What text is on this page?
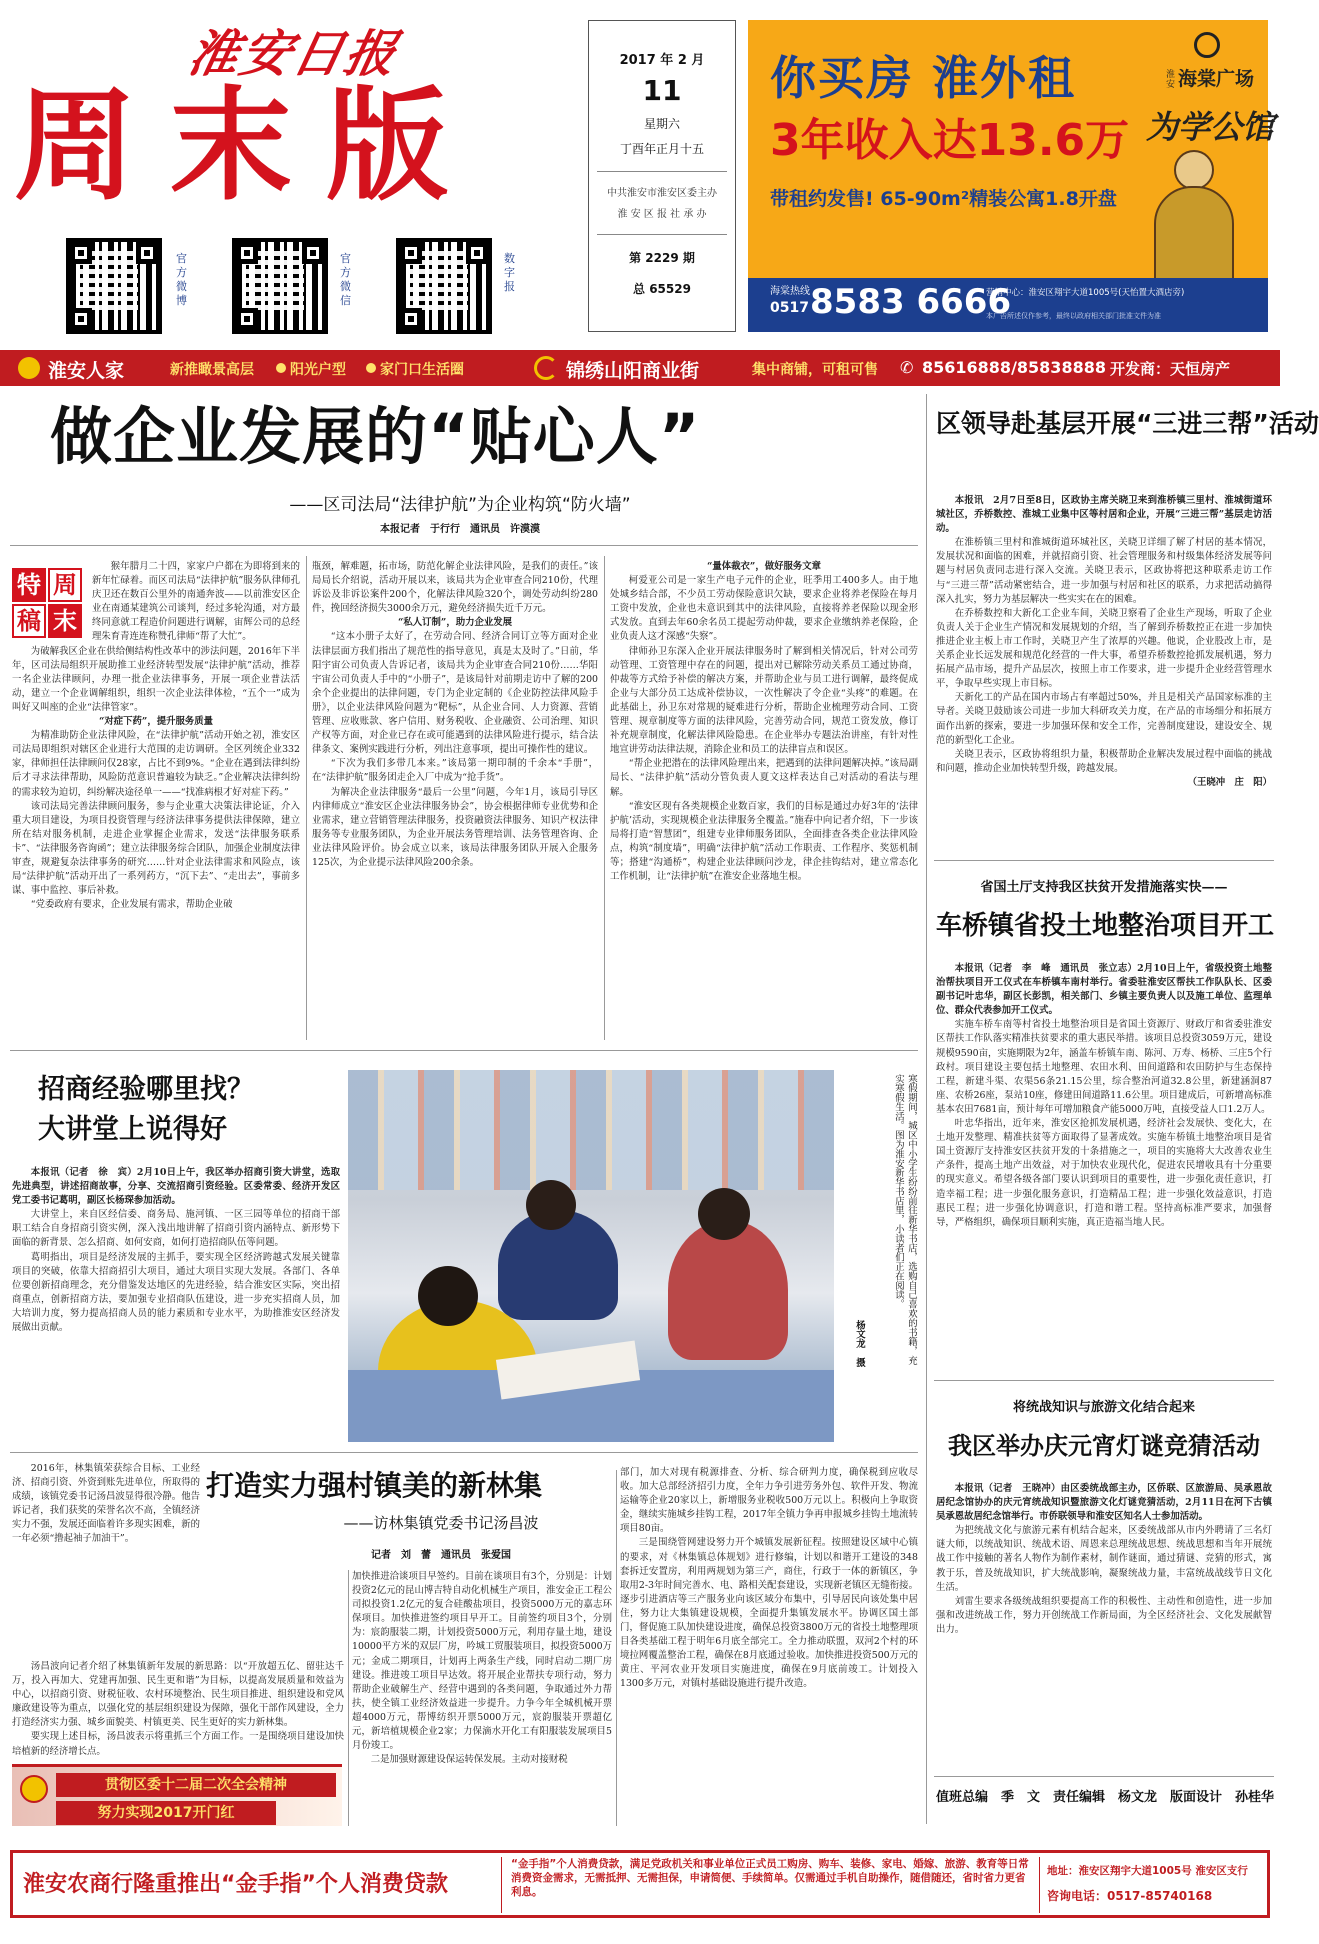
淮安日报
周末版
官方微博
官方微信
数字报
2017 年 2 月
11
星期六
丁酉年正月十五
中共淮安市淮安区委主办
淮 安 区 报 社 承 办
第 2229 期
总 65529
你买房 淮外租
3年收入达13.6万
淮安 海棠广场
为学公馆
带租约发售! 65-90m²精装公寓1.8开盘
海棠热线
0517 8583 6666
营销中心：淮安区翔宇大道1005号(天怡置大酒店旁)
本广告所述仅作参考，最终以政府相关部门批准文件为准
淮安人家	新推瞰景高层	阳光户型 家门口生活圈	锦绣山阳商业街	集中商铺，可租可售 ✆ 85616888/85838888 开发商：天恒房产
做企业发展的“贴心人”
——区司法局“法律护航”为企业构筑“防火墙”
本报记者　于行行　通讯员　许漠漠
周
特
末
稿

猴年腊月二十四，家家户户都在为即将到来的新年忙碌着。而区司法局“法律护航”服务队律师孔庆卫还在数百公里外的南通奔波——以前淮安区企业在南通某建筑公司谈判，经过多轮沟通，对方最终同意就工程造价问题进行调解，宙辉公司的总经理朱育青连连称赞孔律师“帮了大忙”。

为破解我区企业在供给侧结构性改革中的涉法问题，2016年下半年，区司法局组织开展助推工业经济转型发展“法律护航”活动，推荐一名企业法律顾问，办理一批企业法律事务，开展一项企业普法活动，建立一个企业调解组织，组织一次企业法律体检，“五个一”成为叫好又叫座的企业“法律管家”。

“对症下药”，提升服务质量

为精准助防企业法律风险，在“法律护航”活动开始之初，淮安区司法局即组织对辖区企业进行大范围的走访调研。全区列统企业332家，律师担任法律顾问仅28家，占比不到9%。“企业在遇到法律纠纷后才寻求法律帮助，风险防范意识普遍较为缺乏。”企业解决法律纠纷的需求较为迫切，纠纷解决途径单一——“找准病根才好对症下药。”

该司法局完善法律顾问服务，参与企业重大决策法律论证，介入重大项目建设，为项目投资管理与经济法律事务提供法律保障，建立所在结对服务机制，走进企业掌握企业需求，发送“法律服务联系卡”、“法律服务咨询函”；建立法律服务综合团队，加强企业制度法律审查，规避复杂法律事务的研究……针对企业法律需求和风险点，该局“法律护航”活动开出了一系列药方，“沉下去”、“走出去”，事前多谋、事中监控、事后补救。

“党委政府有要求，企业发展有需求，帮助企业破

瓶颈，解难题，拓市场，防范化解企业法律风险，是我们的责任。”该局局长介绍说，活动开展以来，该局共为企业审查合同210份，代理诉讼及非诉讼案件200个，化解法律风险320个，调处劳动纠纷280件，挽回经济损失3000余万元，避免经济损失近千万元。

“私人订制”，助力企业发展

“这本小册子太好了，在劳动合同、经济合同订立等方面对企业法律层面方我们指出了规范性的指导意见，真是太及时了。”日前，华阳宇宙公司负责人告诉记者，该局共为企业审查合同210份……华阳宇宙公司负责人手中的“小册子”，是该局针对前期走访中了解的200余个企业提出的法律问题，专门为企业定制的《企业防控法律风险手册》，以企业法律风险问题为“靶标”，从企业合同、人力资源、营销管理、应收账款、客户信用、财务税收、企业融资、公司治理、知识产权等方面，对企业已存在或可能遇到的法律风险进行提示，结合法律条文、案例实践进行分析，列出注意事项，提出可操作性的建议。

“下次为我们多带几本来。”该局第一期印制的千余本“手册”，在“法律护航”服务团走企入厂中成为“抢手货”。

为解决企业法律服务“最后一公里”问题，今年1月，该局引导区内律师成立“淮安区企业法律服务协会”，协会根据律师专业优势和企业需求，建立营销管理法律服务，投资融资法律服务、知识产权法律服务等专业服务团队，为企业开展法务管理培训、法务管理咨询、企业法律风险评价。协会成立以来，该局法律服务团队开展入企服务125次，为企业提示法律风险200余条。

“量体裁衣”，做好服务文章

柯爱亚公司是一家生产电子元件的企业，旺季用工400多人。由于地处城乡结合部，不少员工劳动保险意识欠缺，要求企业将养老保险在每月工资中发放，企业也未意识到其中的法律风险，直接将养老保险以现金形式发放。直到去年60余名员工提起劳动仲裁，要求企业缴纳养老保险，企业负责人这才深感“失察”。

律师孙卫东深入企业开展法律服务时了解到相关情况后，针对公司劳动管理、工资管理中存在的问题，提出对已解除劳动关系员工通过协商，仲裁等方式给予补偿的解决方案，并帮助企业与员工进行调解，最终促成企业与大部分员工达成补偿协议，一次性解决了令企业“头疼”的难题。在此基础上，孙卫东对常规的疑难进行分析，帮助企业梳理劳动合同、工资管理、规章制度等方面的法律风险，完善劳动合同，规范工资发放，修订补充规章制度，化解法律风险隐患。在企业举办专题法治讲座，有针对性地宣讲劳动法律法规，消除企业和员工的法律盲点和误区。

“帮企业把潜在的法律风险理出来，把遇到的法律问题解决掉。”该局副局长、“法律护航”活动分管负责人夏文这样表达自己对活动的看法与理解。

“淮安区现有各类规模企业数百家，我们的目标是通过办好3年的‘法律护航’活动，实现规模企业法律服务全覆盖。”施春中向记者介绍，下一步该局将打造“智慧团”，组建专业律师服务团队，全面排查各类企业法律风险点，构筑“制度墙”，明确“法律护航”活动工作职责、工作程序、奖惩机制等；搭建“沟通桥”，构建企业法律顾问沙龙，律企挂钩结对，建立常态化工作机制，让“法律护航”在淮安企业落地生根。

区领导赴基层开展“三进三帮”活动

本报讯　2月7日至8日，区政协主席关晓卫来到淮桥镇三里村、淮城街道环城社区，乔桥数控、淮城工业集中区等村居和企业，开展“三进三帮”基层走访活动。

在淮桥镇三里村和淮城街道环城社区，关晓卫详细了解了村居的基本情况，发展状况和面临的困难，并就招商引资、社会管理服务和村级集体经济发展等问题与村居负责同志进行深入交流。关晓卫表示，区政协将把这种联系走访工作与“三进三帮”活动紧密结合，进一步加强与村居和社区的联系，力求把活动搞得深入扎实，努力为基层解决一些实实在在的困难。

在乔桥数控和大新化工企业车间，关晓卫察看了企业生产现场，听取了企业负责人关于企业生产情况和发展规划的介绍，当了解到乔桥数控正在进一步加快推进企业主板上市工作时，关晓卫产生了浓厚的兴趣。他说，企业股改上市，是关系企业长远发展和规范化经营的一件大事，希望乔桥数控抢抓发展机遇，努力拓展产品市场，提升产品层次，按照上市工作要求，进一步提升企业经营管理水平，争取早些实现上市目标。

天新化工的产品在国内市场占有率超过50%，并且是相关产品国家标准的主导者。关晓卫鼓励该公司进一步加大科研攻关力度，在产品的市场细分和拓展方面作出新的探索，要进一步加强环保和安全工作，完善制度建设，建设安全、规范的新型化工企业。

关晓卫表示，区政协将组织力量，积极帮助企业解决发展过程中面临的挑战和问题，推动企业加快转型升级，跨越发展。

（王晓冲　庄　阳）

省国土厅支持我区扶贫开发措施落实快——
车桥镇省投土地整治项目开工

本报讯（记者　李　峰　通讯员　张立志）2月10日上午，省级投资土地整治帮扶项目开工仪式在车桥镇车南村举行。省委驻淮安区帮扶工作队队长、区委副书记叶忠华，副区长彭凯，相关部门、乡镇主要负责人以及施工单位、监理单位、群众代表参加开工仪式。

实施车桥车南等村省投土地整治项目是省国土资源厅、财政厅和省委驻淮安区帮扶工作队落实精准扶贫要求的重大惠民举措。该项目总投资3059万元，建设规模9590亩，实施期限为2年，涵盖车桥镇车南、陈河、万寿、杨桥、三庄5个行政村。项目建设主要包括土地整理、农田水利、田间道路和农田防护与生态保持工程，新建斗渠、农渠56条21.15公里，综合整治河道32.8公里，新建涵洞87座、农桥26座，泵站10座，修建田间道路11.6公里。项目建成后，可新增高标准基本农田7681亩，预计每年可增加粮食产能5000万吨，直接受益人口1.2万人。

叶忠华指出，近年来，淮安区抢抓发展机遇，经济社会发展快、变化大，在土地开发整理、精准扶贫等方面取得了显著成效。实施车桥镇土地整治项目是省国土资源厅支持淮安区扶贫开发的十条措施之一，项目的实施将大大改善农业生产条件，提高土地产出效益，对于加快农业现代化，促进农民增收具有十分重要的现实意义。希望各级各部门要认识到项目的重要性，进一步强化责任意识，打造幸福工程；进一步强化服务意识，打造精品工程；进一步强化效益意识，打造惠民工程；进一步强化协调意识，打造和谐工程。坚持高标准严要求，加强督导，严格组织，确保项目顺利实施，真正造福当地人民。

将统战知识与旅游文化结合起来
我区举办庆元宵灯谜竞猜活动

本报讯（记者　王晓冲）由区委统战部主办，区侨联、区旅游局、吴承恩故居纪念馆协办的庆元宵统战知识暨旅游文化灯谜竞猜活动，2月11日在河下古镇吴承恩故居纪念馆举行。市侨联领导和淮安区知名人士参加活动。

为把统战文化与旅游元素有机结合起来，区委统战部从市内外聘请了三名灯谜大师，以统战知识、统战术语、周恩来总理统战思想、统战思想和当年开展统战工作中接触的著名人物作为制作素材，制作谜面，通过猜谜、竞猜的形式，寓教于乐，普及统战知识，扩大统战影响，凝聚统战力量，丰富统战战线节日文化生活。

刘雷生要求各级统战组织要提高工作的积极性、主动性和创造性，进一步加强和改进统战工作，努力开创统战工作新局面，为全区经济社会、文化发展献智出力。

值班总编　季　文　责任编辑　杨文龙　版面设计　孙桂华
招商经验哪里找？
大讲堂上说得好

本报讯（记者　徐　宾）2月10日上午，我区举办招商引资大讲堂，选取先进典型，讲述招商故事，分享、交流招商引资经验。区委常委、经济开发区党工委书记葛明，副区长杨琛参加活动。

大讲堂上，来自区经信委、商务局、施河镇、一区三园等单位的招商干部职工结合自身招商引资实例，深入浅出地讲解了招商引资内涵特点、新形势下面临的新背景、怎么招商、如何安商，如何打造招商队伍等问题。

葛明指出，项目是经济发展的主抓手，要实现全区经济跨越式发展关键靠项目的突破，依靠大招商招引大项目，通过大项目实现大发展。各部门、各单位要创新招商理念，充分借鉴发达地区的先进经验，结合淮安区实际，突出招商重点，创新招商方法，要加强专业招商队伍建设，进一步充实招商人员，加大培训力度，努力提高招商人员的能力素质和专业水平，为助推淮安区经济发展做出贡献。	寒假期间，城区中小学生纷纷前往新华书店，选购自己喜欢的书籍，充实寒假生活。图为淮安新华书店里，小读者们正在阅读。
杨文龙　摄
打造实力强村镇美的新林集
——访林集镇党委书记汤昌波
记者　刘　蕾　通讯员　张爱国

2016年，林集镇荣获综合目标、工业经济、招商引资、外资到账先进单位，所取得的成绩，该镇党委书记汤昌波显得很冷静。他告诉记者，我们获奖的荣誉名次不高，全镇经济实力不强，发展还面临着许多现实困难，新的一年必须“撸起袖子加油干”。

汤昌波向记者介绍了林集镇新年发展的新思路：以“开放超五亿、留驻达千万，投入再加大、党建再加强、民生更和谐”为目标，以提高发展质量和效益为中心，以招商引资、财税征收、农村环境整治、民生项目推进、组织建设和党风廉政建设等为重点，以强化党的基层组织建设为保障，强化干部作风建设，全力打造经济实力强、城乡面貌美、村镇更美、民生更好的实力新林集。

要实现上述目标，汤昌波表示将重抓三个方面工作。一是围绕项目建设加快培植新的经济增长点。

加快推进洽谈项目早签约。目前在谈项目有3个，分别是：计划投资2亿元的昆山博吉特自动化机械生产项目，淮安金正工程公司拟投资1.2亿元的复合硅酸盐项目，投资5000万元的嘉志环保项目。加快推进签约项目早开工。目前签约项目3个，分别为：宸韵服装二期，计划投资5000万元，利用存量土地，建设10000平方米的双层厂房，吟城工贸服装项目，拟投资5000万元；金成二期项目，计划再上两条生产线，同时启动二期厂房建设。推进竣工项目早达效。将开展企业帮扶专项行动，努力帮助企业破解生产、经营中遇到的各类问题，争取通过外力帮扶，使全镇工业经济效益进一步提升。力争今年全城机械开票超4000万元，帮博纺织开票5000万元，宸韵服装开票超亿元，新培植规模企业2家；力保滴水开化工有阳服装发展项目5月份竣工。

二是加强财源建设保运转保发展。主动对接财税

部门，加大对现有税源排查、分析、综合研判力度，确保税到应收尽收。加大总部经济招引力度，全年力争引进劳务外包、软件开发、物流运输等企业20家以上，新增服务业税收500万元以上。积极向上争取资金，继续实施城乡挂钩工程，2017年全镇力争再申报城乡挂钩土地流转项目80亩。

三是围绕管网建设努力开个城镇发展新征程。按照建设区域中心镇的要求，对《林集镇总体规划》进行修编，计划以和谐开工建设的348套拆迁安置房，利用两规划为第三产，商住，行政于一体的新镇区，争取用2-3年时间完善水、电、路相关配套建设，实现新老镇区无缝衔接。逐步引进酒店等三产服务业向该区域分布集中，引导居民向该处集中居住，努力让大集镇建设规模，全面提升集镇发展水平。协调区国土部门，督促施工队加快建设进度，确保总投资3800万元的省投土地整理项目各类基础工程于明年6月底全部完工。全力推动联盟，双河2个村的环境拉网覆盖整治工程，确保在8月底通过验收。加快推进投资500万元的黄庄、平河农业开发项目实施进度，确保在9月底前竣工。计划投入1300多万元，对镇村基础设施进行提升改造。

贯彻区委十二届二次全会精神
努力实现2017开门红
淮安农商行隆重推出“金手指”个人消费贷款
“金手指”个人消费贷款，满足党政机关和事业单位正式员工购房、购车、装修、家电、婚嫁、旅游、教育等日常消费资金需求，无需抵押、无需担保，申请简便、手续简单。仅需通过手机自助操作，随借随还，省时省力更省利息。
地址：淮安区翔宇大道1005号 淮安区支行
咨询电话：0517-85740168
